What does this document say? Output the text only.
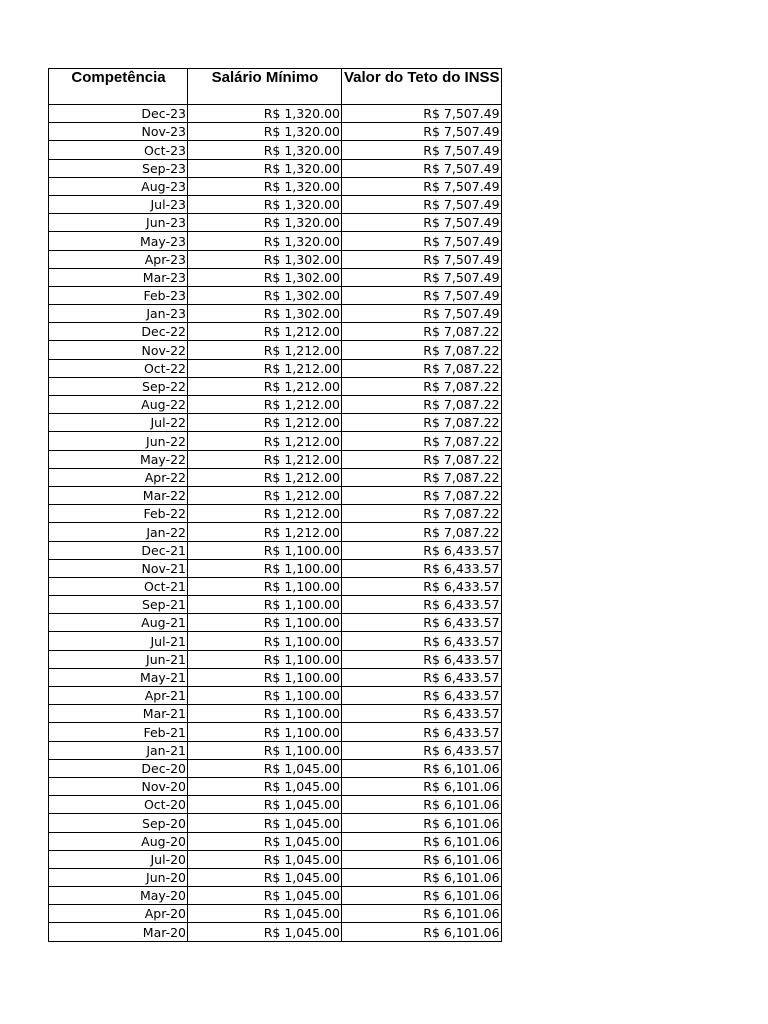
Competência	Salário Mínimo	Valor do Teto do INSS
Dec-23	R$ 1,320.00	R$ 7,507.49
Nov-23	R$ 1,320.00	R$ 7,507.49
Oct-23	R$ 1,320.00	R$ 7,507.49
Sep-23	R$ 1,320.00	R$ 7,507.49
Aug-23	R$ 1,320.00	R$ 7,507.49
Jul-23	R$ 1,320.00	R$ 7,507.49
Jun-23	R$ 1,320.00	R$ 7,507.49
May-23	R$ 1,320.00	R$ 7,507.49
Apr-23	R$ 1,302.00	R$ 7,507.49
Mar-23	R$ 1,302.00	R$ 7,507.49
Feb-23	R$ 1,302.00	R$ 7,507.49
Jan-23	R$ 1,302.00	R$ 7,507.49
Dec-22	R$ 1,212.00	R$ 7,087.22
Nov-22	R$ 1,212.00	R$ 7,087.22
Oct-22	R$ 1,212.00	R$ 7,087.22
Sep-22	R$ 1,212.00	R$ 7,087.22
Aug-22	R$ 1,212.00	R$ 7,087.22
Jul-22	R$ 1,212.00	R$ 7,087.22
Jun-22	R$ 1,212.00	R$ 7,087.22
May-22	R$ 1,212.00	R$ 7,087.22
Apr-22	R$ 1,212.00	R$ 7,087.22
Mar-22	R$ 1,212.00	R$ 7,087.22
Feb-22	R$ 1,212.00	R$ 7,087.22
Jan-22	R$ 1,212.00	R$ 7,087.22
Dec-21	R$ 1,100.00	R$ 6,433.57
Nov-21	R$ 1,100.00	R$ 6,433.57
Oct-21	R$ 1,100.00	R$ 6,433.57
Sep-21	R$ 1,100.00	R$ 6,433.57
Aug-21	R$ 1,100.00	R$ 6,433.57
Jul-21	R$ 1,100.00	R$ 6,433.57
Jun-21	R$ 1,100.00	R$ 6,433.57
May-21	R$ 1,100.00	R$ 6,433.57
Apr-21	R$ 1,100.00	R$ 6,433.57
Mar-21	R$ 1,100.00	R$ 6,433.57
Feb-21	R$ 1,100.00	R$ 6,433.57
Jan-21	R$ 1,100.00	R$ 6,433.57
Dec-20	R$ 1,045.00	R$ 6,101.06
Nov-20	R$ 1,045.00	R$ 6,101.06
Oct-20	R$ 1,045.00	R$ 6,101.06
Sep-20	R$ 1,045.00	R$ 6,101.06
Aug-20	R$ 1,045.00	R$ 6,101.06
Jul-20	R$ 1,045.00	R$ 6,101.06
Jun-20	R$ 1,045.00	R$ 6,101.06
May-20	R$ 1,045.00	R$ 6,101.06
Apr-20	R$ 1,045.00	R$ 6,101.06
Mar-20	R$ 1,045.00	R$ 6,101.06
